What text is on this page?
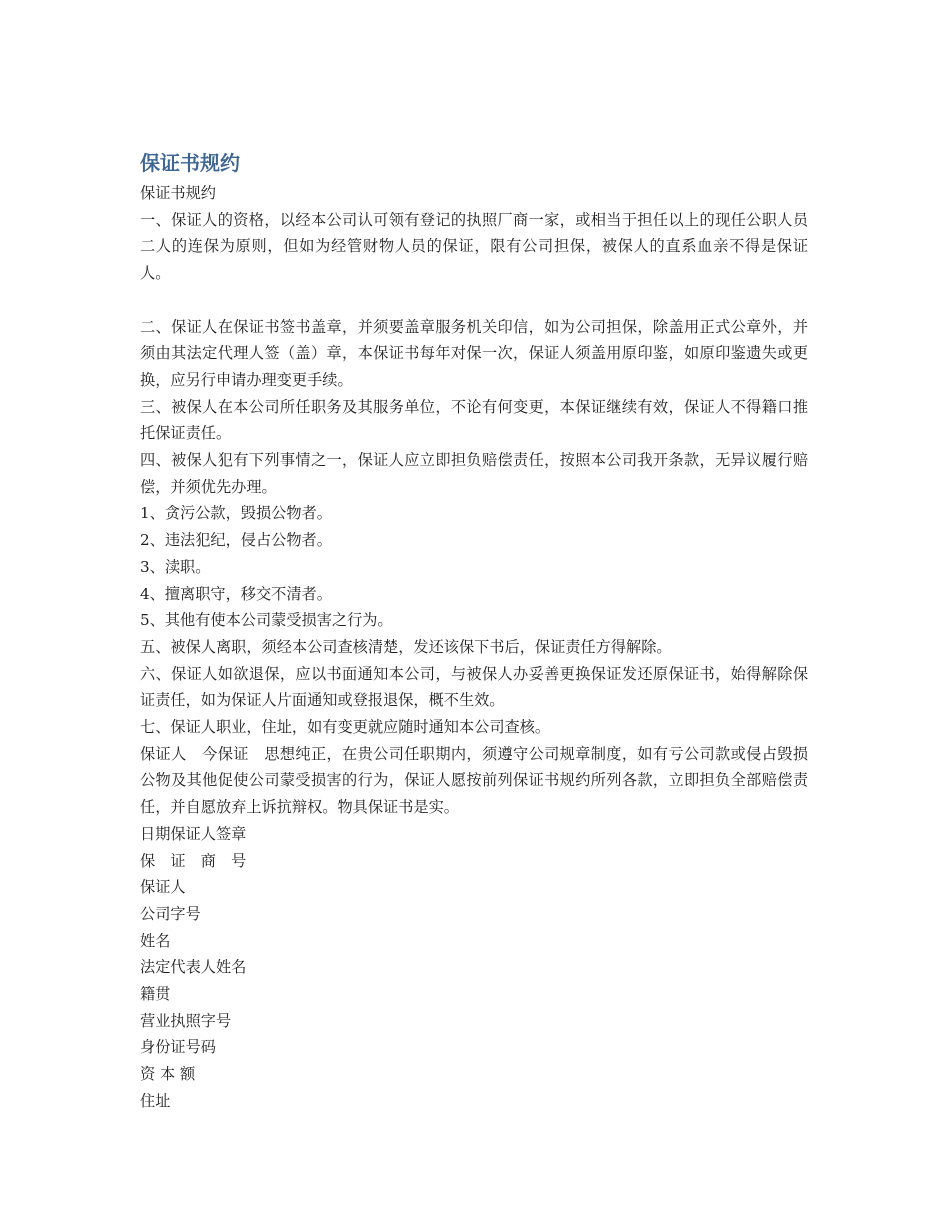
保证书规约

保证书规约

一、保证人的资格，以经本公司认可领有登记的执照厂商一家，或相当于担任以上的现任公职人员二人的连保为原则，但如为经管财物人员的保证，限有公司担保，被保人的直系血亲不得是保证人。

二、保证人在保证书签书盖章，并须要盖章服务机关印信，如为公司担保，除盖用正式公章外，并须由其法定代理人签（盖）章，本保证书每年对保一次，保证人须盖用原印鉴，如原印鉴遗失或更换，应另行申请办理变更手续。

三、被保人在本公司所任职务及其服务单位，不论有何变更，本保证继续有效，保证人不得籍口推托保证责任。

四、被保人犯有下列事情之一，保证人应立即担负赔偿责任，按照本公司我开条款，无异议履行赔偿，并须优先办理。

1、贪污公款，毁损公物者。

2、违法犯纪，侵占公物者。

3、渎职。

4、擅离职守，移交不清者。

5、其他有使本公司蒙受损害之行为。

五、被保人离职，须经本公司查核清楚，发还该保下书后，保证责任方得解除。

六、保证人如欲退保，应以书面通知本公司，与被保人办妥善更换保证发还原保证书，始得解除保证责任，如为保证人片面通知或登报退保，概不生效。

七、保证人职业，住址，如有变更就应随时通知本公司查核。

保证人　今保证　思想纯正，在贵公司任职期内，须遵守公司规章制度，如有亏公司款或侵占毁损公物及其他促使公司蒙受损害的行为，保证人愿按前列保证书规约所列各款，立即担负全部赔偿责任，并自愿放弃上诉抗辩权。物具保证书是实。

日期保证人签章

保　证　商　号

保证人

公司字号

姓名

法定代表人姓名

籍贯

营业执照字号

身份证号码

资 本 额

住址
